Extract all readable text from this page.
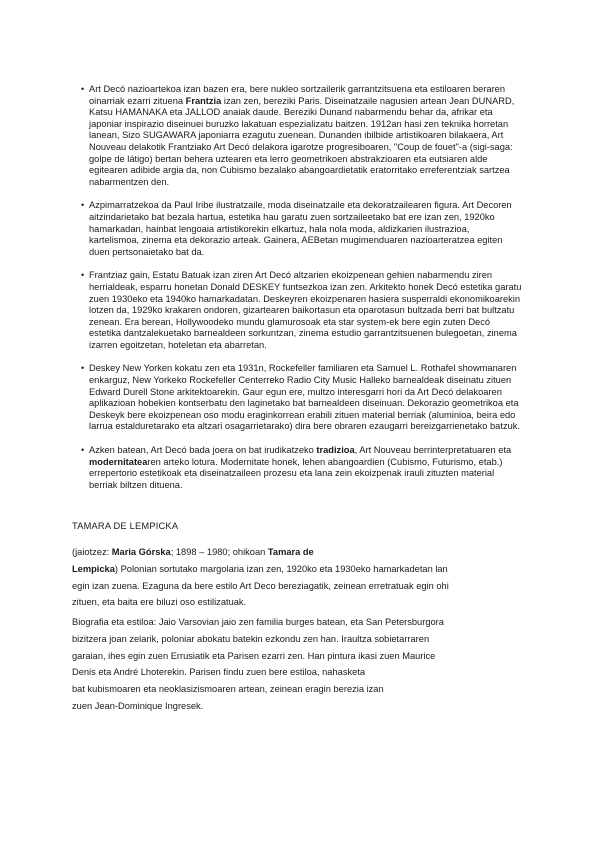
• Art Decó nazioartekoa izan bazen era, bere nukleo sortzailerik garrantzitsuena eta estiloaren beraren oinarriak ezarri zituena Frantzia izan zen, bereziki Paris. Diseinatzaile nagusien artean Jean DUNARD, Katsu HAMANAKA eta JALLOD anaiak daude. Bereziki Dunand nabarmendu behar da, afrikar eta japoniar inspirazio diseinuei buruzko lakatuan espezializatu baitzen. 1912an hasi zen teknika horretan lanean, Sizo SUGAWARA japoniarra ezagutu zuenean. Dunanden ibilbide artistikoaren bilakaera, Art Nouveau delakotik Frantziako Art Decó delakora igarotze progresiboaren, "Coup de fouet"-a (sigi-saga: golpe de látigo) bertan behera uztearen eta lerro geometrikoen abstrakzioaren eta eutsiaren alde egitearen adibide argia da, non Cubismo bezalako abangoardietatik eratorritako erreferentziak sartzea nabarmentzen den.
• Azpimarratzekoa da Paul Iribe ilustratzaile, moda diseinatzaile eta dekoratzailearen figura. Art Decoren aitzindarietako bat bezala hartua, estetika hau garatu zuen sortzaileetako bat ere izan zen, 1920ko hamarkadan, hainbat lengoaia artistikorekin elkartuz, hala nola moda, aldizkarien ilustrazioa, kartelismoa, zinema eta dekorazio arteak. Gainera, AEBetan mugimenduaren nazioarteratzea egiten duen pertsonaietako bat da.
• Frantziaz gain, Estatu Batuak izan ziren Art Decó altzarien ekoizpenean gehien nabarmendu ziren herrialdeak, esparru honetan Donald DESKEY funtsezkoa izan zen. Arkitekto honek Decó estetika garatu zuen 1930eko eta 1940ko hamarkadatan. Deskeyren ekoizpenaren hasiera susperraldi ekonomikoarekin lotzen da, 1929ko krakaren ondoren, gizartearen baikortasun eta oparotasun bultzada berri bat bultzatu zenean. Era berean, Hollywoodeko mundu glamurosoak eta star system-ek bere egin zuten Decó estetika dantzalekuetako barnealdeen sorkuntzan, zinema estudio garrantzitsuenen bulegoetan, zinema izarren egoitzetan, hoteletan eta abarretan.
• Deskey New Yorken kokatu zen eta 1931n, Rockefeller familiaren eta Samuel L. Rothafel showmanaren enkarguz, New Yorkeko Rockefeller Centerreko Radio City Music Halleko barnealdeak diseinatu zituen Edward Durell Stone arkitektoarekin. Gaur egun ere, multzo interesgarri hori da Art Decó delakoaren aplikazioan hobekien kontserbatu den laginetako bat barnealdeen diseinuan. Dekorazio geometrikoa eta Deskeyk bere ekoizpenean oso modu eraginkorrean erabili zituen material berriak (aluminioa, beira edo larrua estalduretarako eta altzari osagarrietarako) dira bere obraren ezaugarri bereizgarrienetako batzuk.
• Azken batean, Art Decó bada joera on bat irudikatzeko tradizioa, Art Nouveau berrinterpretatuaren eta modernitatearen arteko lotura. Modernitate honek, lehen abangoardien (Cubismo, Futurismo, etab.) errepertorio estetikoak eta diseinatzaileen prozesu eta lana zein ekoizpenak irauli zituzten material berriak biltzen dituena.
TAMARA DE LEMPICKA
(jaiotzez: Maria Górska; 1898 – 1980; ohikoan Tamara de
Lempicka) Polonian sortutako margolaria izan zen, 1920ko eta 1930eko hamarkadetan lan
egin izan zuena. Ezaguna da bere estilo Art Deco bereziagatik, zeinean erretratuak egin ohi
zituen, eta baita ere biluzi oso estilizatuak.
Biografia eta estiloa: Jaio Varsovian jaio zen familia burges batean, eta San Petersburgora
bizitzera joan zelarik, poloniar abokatu batekin ezkondu zen han. Iraultza sobietarraren
garaian, ihes egin zuen Errusiatik eta Parisen ezarri zen. Han pintura ikasi zuen Maurice
Denis eta André Lhoterekin. Parisen findu zuen bere estiloa, nahasketa
bat kubismoaren eta neoklasizismoaren artean, zeinean eragin berezia izan
zuen Jean-Dominique Ingresek.
